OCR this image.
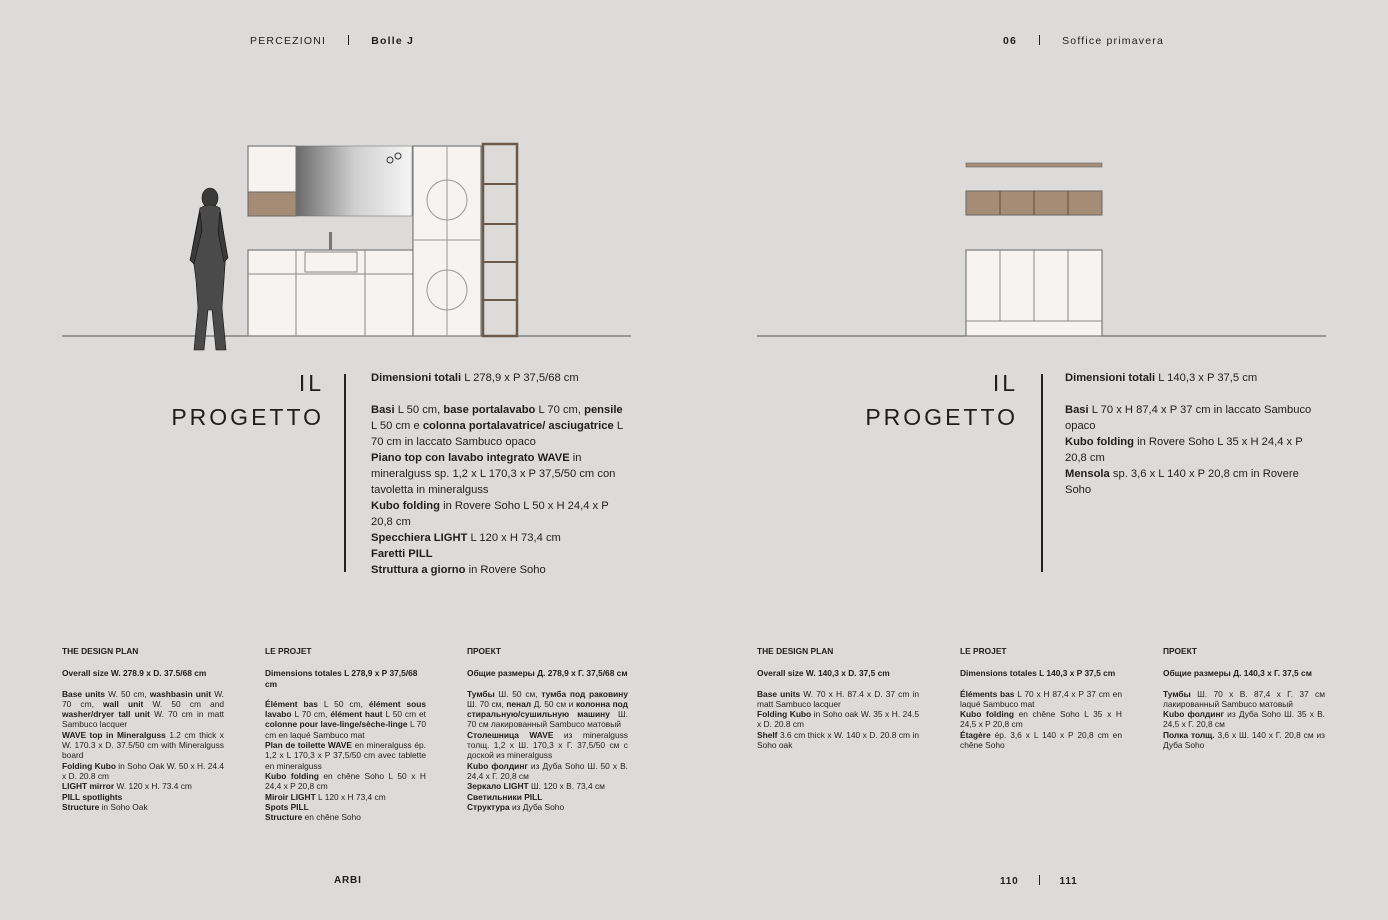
PERCEZIONI	Bolle J	06	Soffice primavera
IL
PROGETTO

Dimensioni totali L 278,9 x P 37,5/68 cm

Basi L 50 cm, base portalavabo L 70 cm, pensile L 50 cm e colonna portalavatrice/ asciugatrice L 70 cm in laccato Sambuco opaco

Piano top con lavabo integrato WAVE in mineralguss sp. 1,2 x L 170,3 x P 37,5/50 cm con tavoletta in mineralguss

Kubo folding in Rovere Soho L 50 x H 24,4 x P 20,8 cm

Specchiera LIGHT L 120 x H 73,4 cm

Faretti PILL

Struttura a giorno in Rovere Soho

IL
PROGETTO

Dimensioni totali L 140,3 x P 37,5 cm

Basi L 70 x H 87,4 x P 37 cm in laccato Sambuco opaco

Kubo folding in Rovere Soho L 35 x H 24,4 x P 20,8 cm

Mensola sp. 3,6 x L 140 x P 20,8 cm in Rovere Soho

THE DESIGN PLAN
Overall size W. 278.9 x D. 37.5/68 cm

Base units W. 50 cm, washbasin unit W. 70 cm, wall unit W. 50 cm and washer/dryer tall unit W. 70 cm in matt Sambuco lacquer
WAVE top in Mineralguss 1.2 cm thick x W. 170.3 x D. 37.5/50 cm with Mineralguss board
Folding Kubo in Soho Oak W. 50 x H. 24.4 x D. 20.8 cm
LIGHT mirror W. 120 x H. 73.4 cm
PILL spotlights
Structure in Soho Oak

LE PROJET
Dimensions totales L 278,9 x P 37,5/68 cm

Élément bas L 50 cm, élément sous lavabo L 70 cm, élément haut L 50 cm et colonne pour lave-linge/sèche-linge L 70 cm en laqué Sambuco mat
Plan de toilette WAVE en mineralguss ép. 1,2 x L 170,3 x P 37,5/50 cm avec tablette en mineralguss
Kubo folding en chêne Soho L 50 x H 24,4 x P 20,8 cm
Miroir LIGHT L 120 x H 73,4 cm
Spots PILL
Structure en chêne Soho

ПРОЕКТ
Общие размеры Д. 278,9 x Г. 37,5/68 см

Тумбы Ш. 50 см, тумба под раковину Ш. 70 см, пенал Д. 50 см и колонна под стиральную/сушильную машину Ш. 70 см лакированный Sambuco матовый
Столешница WAVE из mineralguss толщ. 1,2 x Ш. 170,3 x Г. 37,5/50 см с доской из mineralguss
Kubo фолдинг из Дуба Soho Ш. 50 x В. 24,4 x Г. 20,8 см
Зеркало LIGHT Ш. 120 x В. 73,4 см
Светильники PILL
Структура из Дуба Soho

THE DESIGN PLAN
Overall size W. 140,3 x D. 37,5 cm

Base units W. 70 x H. 87.4 x D. 37 cm in matt Sambuco lacquer
Folding Kubo in Soho oak W. 35 x H. 24.5 x D. 20.8 cm
Shelf 3.6 cm thick x W. 140 x D. 20.8 cm in Soho oak

LE PROJET
Dimensions totales L 140,3 x P 37,5 cm

Éléments bas L 70 x H 87,4 x P 37 cm en laqué Sambuco mat
Kubo folding en chêne Soho L 35 x H 24,5 x P 20,8 cm
Étagère ép. 3,6 x L 140 x P 20,8 cm en chêne Soho

ПРОЕКТ
Общие размеры Д. 140,3 x Г. 37,5 см

Тумбы Ш. 70 x В. 87,4 x Г. 37 см лакированный Sambuco матовый
Kubo фолдинг из Дуба Soho Ш. 35 x В. 24,5 x Г. 20,8 см
Полка толщ. 3,6 x Ш. 140 x Г. 20,8 см из Дуба Soho

ARBI	110	111
